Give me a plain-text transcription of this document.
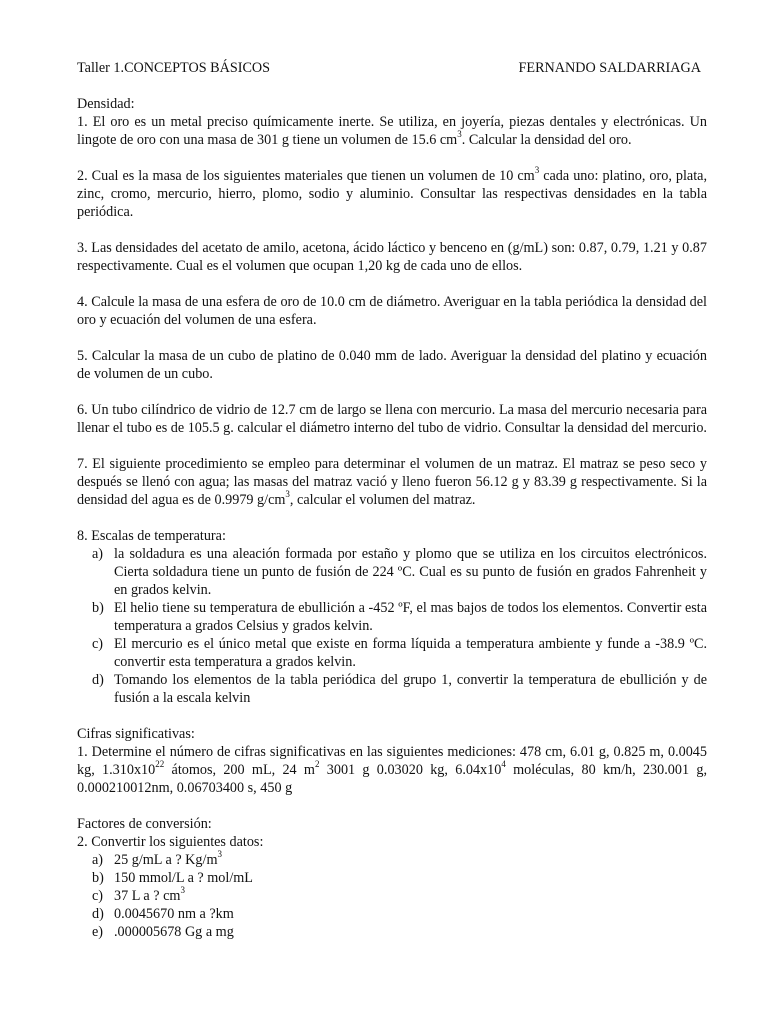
Taller 1.CONCEPTOS BÁSICOS	FERNANDO SALDARRIAGA

Densidad:

1. El oro es un metal preciso químicamente inerte. Se utiliza, en joyería, piezas dentales y electrónicas. Un lingote de oro con una masa de 301 g tiene un volumen de 15.6 $cm^3$. Calcular la densidad del oro.

2. Cual es la masa de los siguientes materiales que tienen un volumen de 10 $cm^3$ cada uno: platino, oro, plata, zinc, cromo, mercurio, hierro, plomo, sodio y aluminio. Consultar las respectivas densidades en la tabla periódica.

3. Las densidades del acetato de amilo, acetona, ácido láctico y benceno en (g/mL) son: 0.87, 0.79, 1.21 y 0.87 respectivamente. Cual es el volumen que ocupan 1,20 kg de cada uno de ellos.

4. Calcule la masa de una esfera de oro de 10.0 cm de diámetro. Averiguar en la tabla periódica la densidad del oro y ecuación del volumen de una esfera.

5. Calcular la masa de un cubo de platino de 0.040 mm de lado. Averiguar la densidad del platino y ecuación de volumen de un cubo.

6. Un tubo cilíndrico de vidrio de 12.7 cm de largo se llena con mercurio. La masa del mercurio necesaria para llenar el tubo es de 105.5 g. calcular el diámetro interno del tubo de vidrio. Consultar la densidad del mercurio.

7. El siguiente procedimiento se empleo para determinar el volumen de un matraz. El matraz se peso seco y después se llenó con agua; las masas del matraz vació y lleno fueron 56.12 g y 83.39 g respectivamente. Si la densidad del agua es de 0.9979 $g/cm^3$, calcular el volumen del matraz.

8. Escalas de temperatura:

a) la soldadura es una aleación formada por estaño y plomo que se utiliza en los circuitos electrónicos. Cierta soldadura tiene un punto de fusión de 224 ºC. Cual es su punto de fusión en grados Fahrenheit y en grados kelvin.
b) El helio tiene su temperatura de ebullición a -452 ºF, el mas bajos de todos los elementos. Convertir esta temperatura a grados Celsius y grados kelvin.
c) El mercurio es el único metal que existe en forma líquida a temperatura ambiente y funde a -38.9 ºC. convertir esta temperatura a grados kelvin.
d) Tomando los elementos de la tabla periódica del grupo 1, convertir la temperatura de ebullición y de fusión a la escala kelvin

Cifras significativas:

1. Determine el número de cifras significativas en las siguientes mediciones: 478 cm, 6.01 g, 0.825 m, 0.0045 kg, $1.310x10^{22}$ átomos, 200 mL, 24 $m^2$ 3001 g 0.03020 kg, $6.04x10^4$ moléculas, 80 km/h, 230.001 g, 0.000210012nm, 0.06703400 s, 450 g

Factores de conversión:

2. Convertir los siguientes datos:

a) 25 g/mL a ? $Kg/m^3$
b) 150 mmol/L a ? mol/mL
c) 37 L a ? $cm^3$
d) 0.0045670 nm a ?km
e) .000005678 Gg a mg
